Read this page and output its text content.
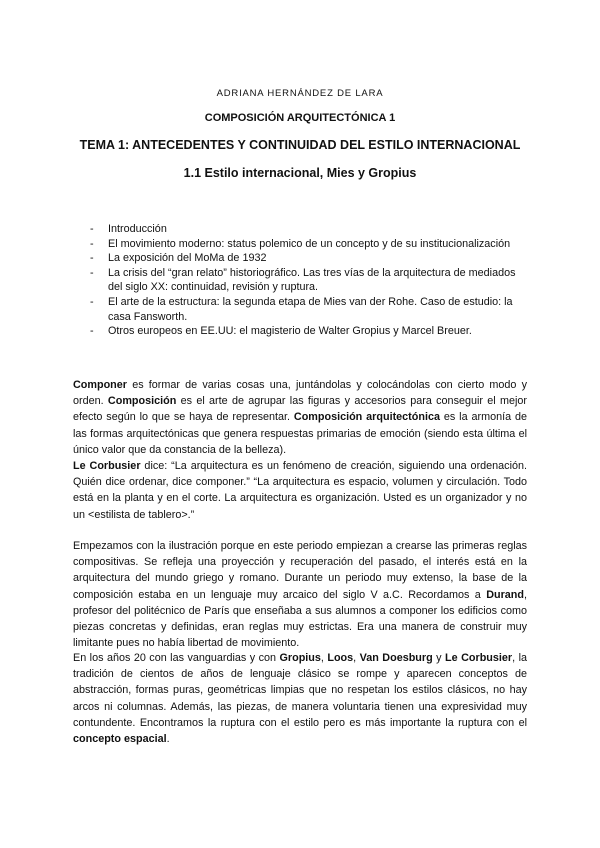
ADRIANA HERNÁNDEZ DE LARA
COMPOSICIÓN ARQUITECTÓNICA 1
TEMA 1: ANTECEDENTES Y CONTINUIDAD DEL ESTILO INTERNACIONAL
1.1 Estilo internacional, Mies y Gropius
- Introducción
- El movimiento moderno: status polemico de un concepto y de su institucionalización
- La exposición del MoMa de 1932
- La crisis del “gran relato” historiográfico. Las tres vías de la arquitectura de mediados del siglo XX: continuidad, revisión y ruptura.
- El arte de la estructura: la segunda etapa de Mies van der Rohe. Caso de estudio: la casa Fansworth.
- Otros europeos en EE.UU: el magisterio de Walter Gropius y Marcel Breuer.

Componer es formar de varias cosas una, juntándolas y colocándolas con cierto modo y orden. Composición es el arte de agrupar las figuras y accesorios para conseguir el mejor efecto según lo que se haya de representar. Composición arquitectónica es la armonía de las formas arquitectónicas que genera respuestas primarias de emoción (siendo esta última el único valor que da constancia de la belleza).

Le Corbusier dice: “La arquitectura es un fenómeno de creación, siguiendo una ordenación. Quién dice ordenar, dice componer.” “La arquitectura es espacio, volumen y circulación. Todo está en la planta y en el corte. La arquitectura es organización. Usted es un organizador y no un <estilista de tablero>.”

Empezamos con la ilustración porque en este periodo empiezan a crearse las primeras reglas compositivas. Se refleja una proyección y recuperación del pasado, el interés está en la arquitectura del mundo griego y romano. Durante un periodo muy extenso, la base de la composición estaba en un lenguaje muy arcaico del siglo V a.C. Recordamos a Durand, profesor del politécnico de París que enseñaba a sus alumnos a componer los edificios como piezas concretas y definidas, eran reglas muy estrictas. Era una manera de construir muy limitante pues no había libertad de movimiento.

En los años 20 con las vanguardias y con Gropius, Loos, Van Doesburg y Le Corbusier, la tradición de cientos de años de lenguaje clásico se rompe y aparecen conceptos de abstracción, formas puras, geométricas limpias que no respetan los estilos clásicos, no hay arcos ni columnas. Además, las piezas, de manera voluntaria tienen una expresividad muy contundente. Encontramos la ruptura con el estilo pero es más importante la ruptura con el concepto espacial.
